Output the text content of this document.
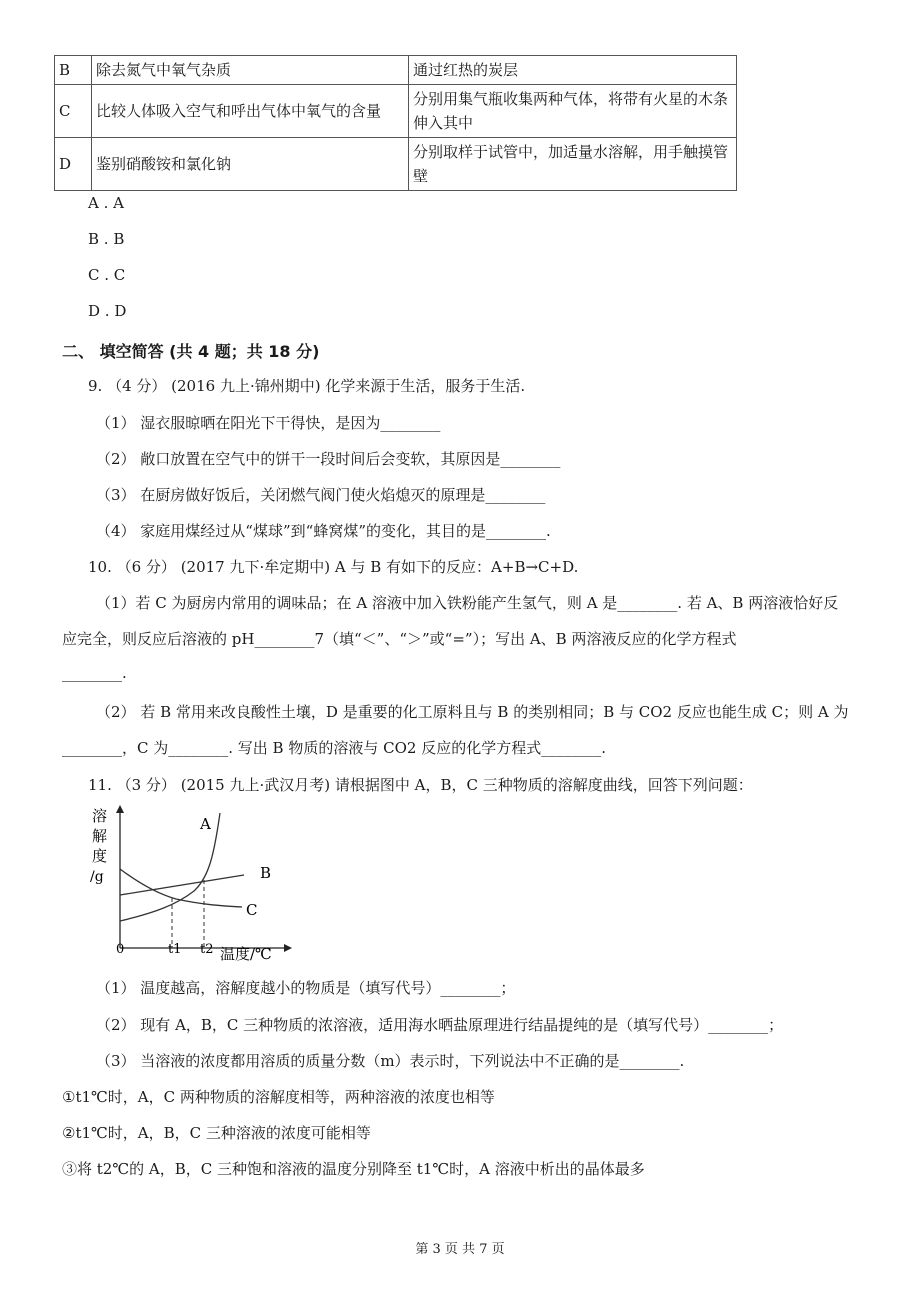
B	除去氮气中氧气杂质	通过红热的炭层
C	比较人体吸入空气和呼出气体中氧气的含量	分别用集气瓶收集两种气体，将带有火星的木条伸入其中
D	鉴别硝酸铵和氯化钠	分别取样于试管中，加适量水溶解，用手触摸管壁
A . A
B . B
C . C
D . D
二、 填空简答 (共 4 题；共 18 分)
9. （4 分） (2016 九上·锦州期中) 化学来源于生活，服务于生活.
（1） 湿衣服晾晒在阳光下干得快，是因为________
（2） 敞口放置在空气中的饼干一段时间后会变软，其原因是________
（3） 在厨房做好饭后，关闭燃气阀门使火焰熄灭的原理是________
（4） 家庭用煤经过从“煤球”到“蜂窝煤”的变化，其目的是________.
10. （6 分） (2017 九下·牟定期中) A 与 B 有如下的反应：A+B→C+D.
（1）若 C 为厨房内常用的调味品；在 A 溶液中加入铁粉能产生氢气，则 A 是________. 若 A、B 两溶液恰好反
应完全，则反应后溶液的 pH________7（填“＜”、“＞”或“=”）；写出 A、B 两溶液反应的化学方程式
________.
（2） 若 B 常用来改良酸性土壤，D 是重要的化工原料且与 B 的类别相同；B 与 CO2 反应也能生成 C；则 A 为
________，C 为________. 写出 B 物质的溶液与 CO2 反应的化学方程式________.
11. （3 分） (2015 九上·武汉月考) 请根据图中 A，B，C 三种物质的溶解度曲线，回答下列问题：
溶
解
度
/g
A
B
C
0	t1 t2 温度/℃
（1） 温度越高，溶解度越小的物质是（填写代号）________；
（2） 现有 A，B，C 三种物质的浓溶液，适用海水晒盐原理进行结晶提纯的是（填写代号）________；
（3） 当溶液的浓度都用溶质的质量分数（m）表示时，下列说法中不正确的是________.
①t1℃时，A，C 两种物质的溶解度相等，两种溶液的浓度也相等
②t1℃时，A，B，C 三种溶液的浓度可能相等
③将 t2℃的 A，B，C 三种饱和溶液的温度分别降至 t1℃时，A 溶液中析出的晶体最多
第 3 页 共 7 页
